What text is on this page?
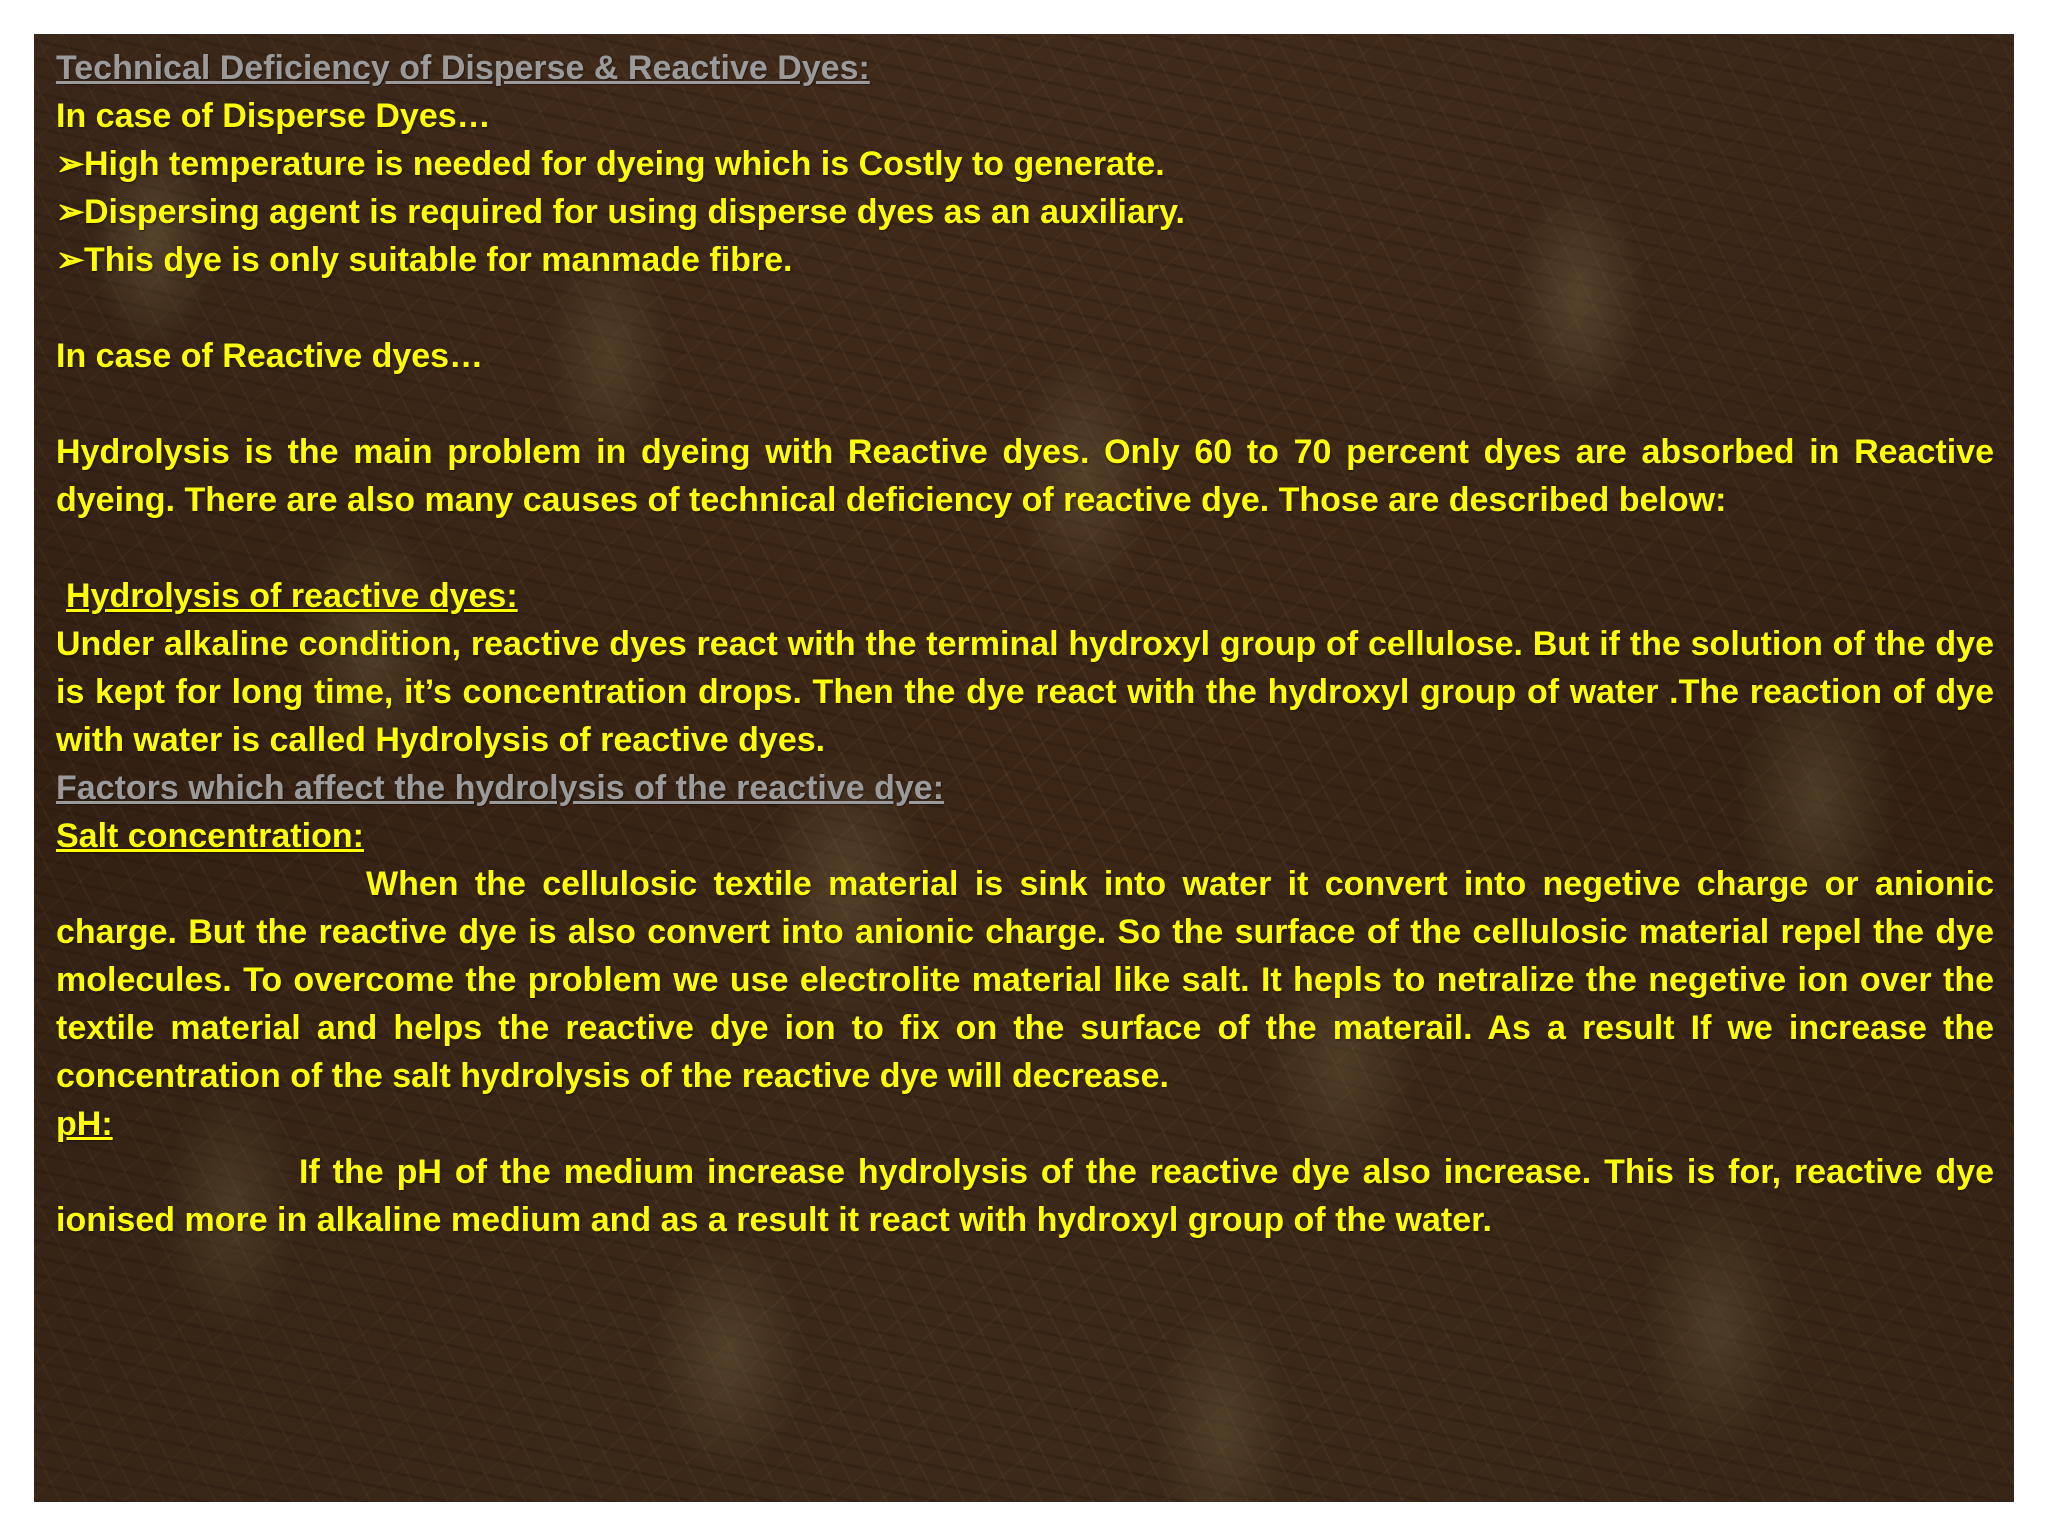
Technical Deficiency of Disperse & Reactive Dyes:

In case of Disperse Dyes…

➢High temperature is needed for dyeing which is Costly to generate.

➢Dispersing agent is required for using disperse dyes as an auxiliary.

➢This dye is only suitable for manmade fibre.

In case of Reactive dyes…

Hydrolysis is the main problem in dyeing with Reactive dyes. Only 60 to 70 percent dyes are absorbed in Reactive dyeing. There are also many causes of technical deficiency of reactive dye. Those are described below:

Hydrolysis of reactive dyes:

Under alkaline condition, reactive dyes react with the terminal hydroxyl group of cellulose. But if the solution of the dye is kept for long time, it’s concentration drops. Then the dye react with the hydroxyl group of water .The reaction of dye with water is called Hydrolysis of reactive dyes.

Factors which affect the hydrolysis of the reactive dye:

Salt concentration:

When the cellulosic textile material is sink into water it convert into negetive charge or anionic charge. But the reactive dye is also convert into anionic charge. So the surface of the cellulosic material repel the dye molecules. To overcome the problem we use electrolite material like salt. It hepls to netralize the negetive ion over the textile material and helps the reactive dye ion to fix on the surface of the materail. As a result If we increase the concentration of the salt hydrolysis of the reactive dye will decrease.

pH:

If the pH of the medium increase hydrolysis of the reactive dye also increase. This is for, reactive dye ionised more in alkaline medium and as a result it react with hydroxyl group of the water.
